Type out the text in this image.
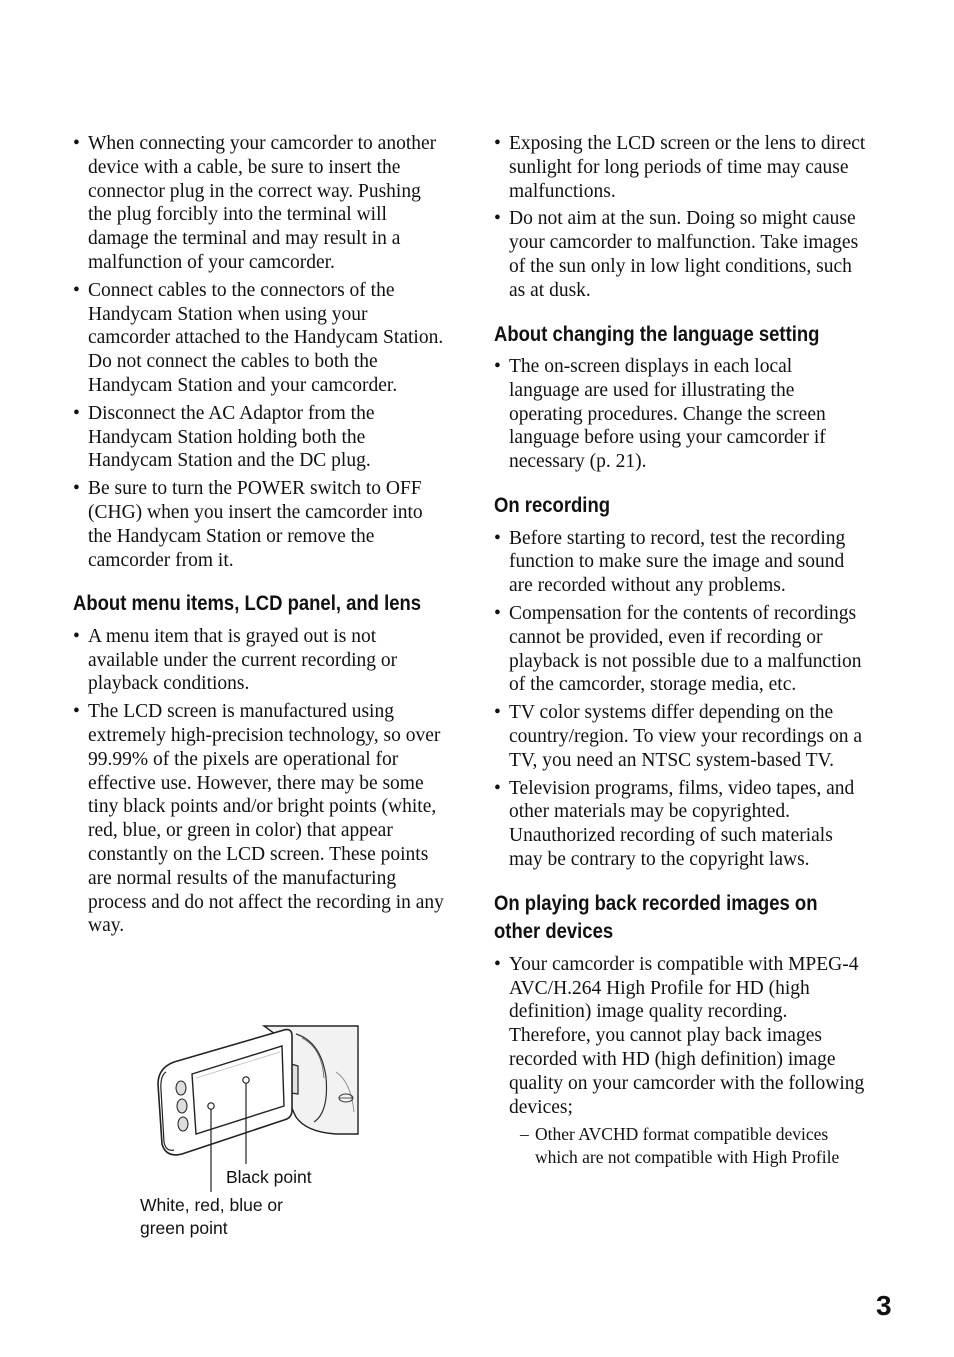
• When connecting your camcorder to another device with a cable, be sure to insert the connector plug in the correct way. Pushing the plug forcibly into the terminal will damage the terminal and may result in a malfunction of your camcorder.
• Connect cables to the connectors of the Handycam Station when using your camcorder attached to the Handycam Station. Do not connect the cables to both the Handycam Station and your camcorder.
• Disconnect the AC Adaptor from the Handycam Station holding both the Handycam Station and the DC plug.
• Be sure to turn the POWER switch to OFF (CHG) when you insert the camcorder into the Handycam Station or remove the camcorder from it.
About menu items, LCD panel, and lens
• A menu item that is grayed out is not available under the current recording or playback conditions.
• The LCD screen is manufactured using extremely high-precision technology, so over 99.99% of the pixels are operational for effective use. However, there may be some tiny black points and/or bright points (white, red, blue, or green in color) that appear constantly on the LCD screen. These points are normal results of the manufacturing process and do not affect the recording in any way.
Black point
White, red, blue or
green point
• Exposing the LCD screen or the lens to direct sunlight for long periods of time may cause malfunctions.
• Do not aim at the sun. Doing so might cause your camcorder to malfunction. Take images of the sun only in low light conditions, such as at dusk.
About changing the language setting
• The on-screen displays in each local language are used for illustrating the operating procedures. Change the screen language before using your camcorder if necessary (p. 21).
On recording
• Before starting to record, test the recording function to make sure the image and sound are recorded without any problems.
• Compensation for the contents of recordings cannot be provided, even if recording or playback is not possible due to a malfunction of the camcorder, storage media, etc.
• TV color systems differ depending on the country/region. To view your recordings on a TV, you need an NTSC system-based TV.
• Television programs, films, video tapes, and other materials may be copyrighted. Unauthorized recording of such materials may be contrary to the copyright laws.
On playing back recorded images on other devices
• Your camcorder is compatible with MPEG-4 AVC/H.264 High Profile for HD (high definition) image quality recording. Therefore, you cannot play back images recorded with HD (high definition) image quality on your camcorder with the following devices;
– Other AVCHD format compatible devices which are not compatible with High Profile
3
